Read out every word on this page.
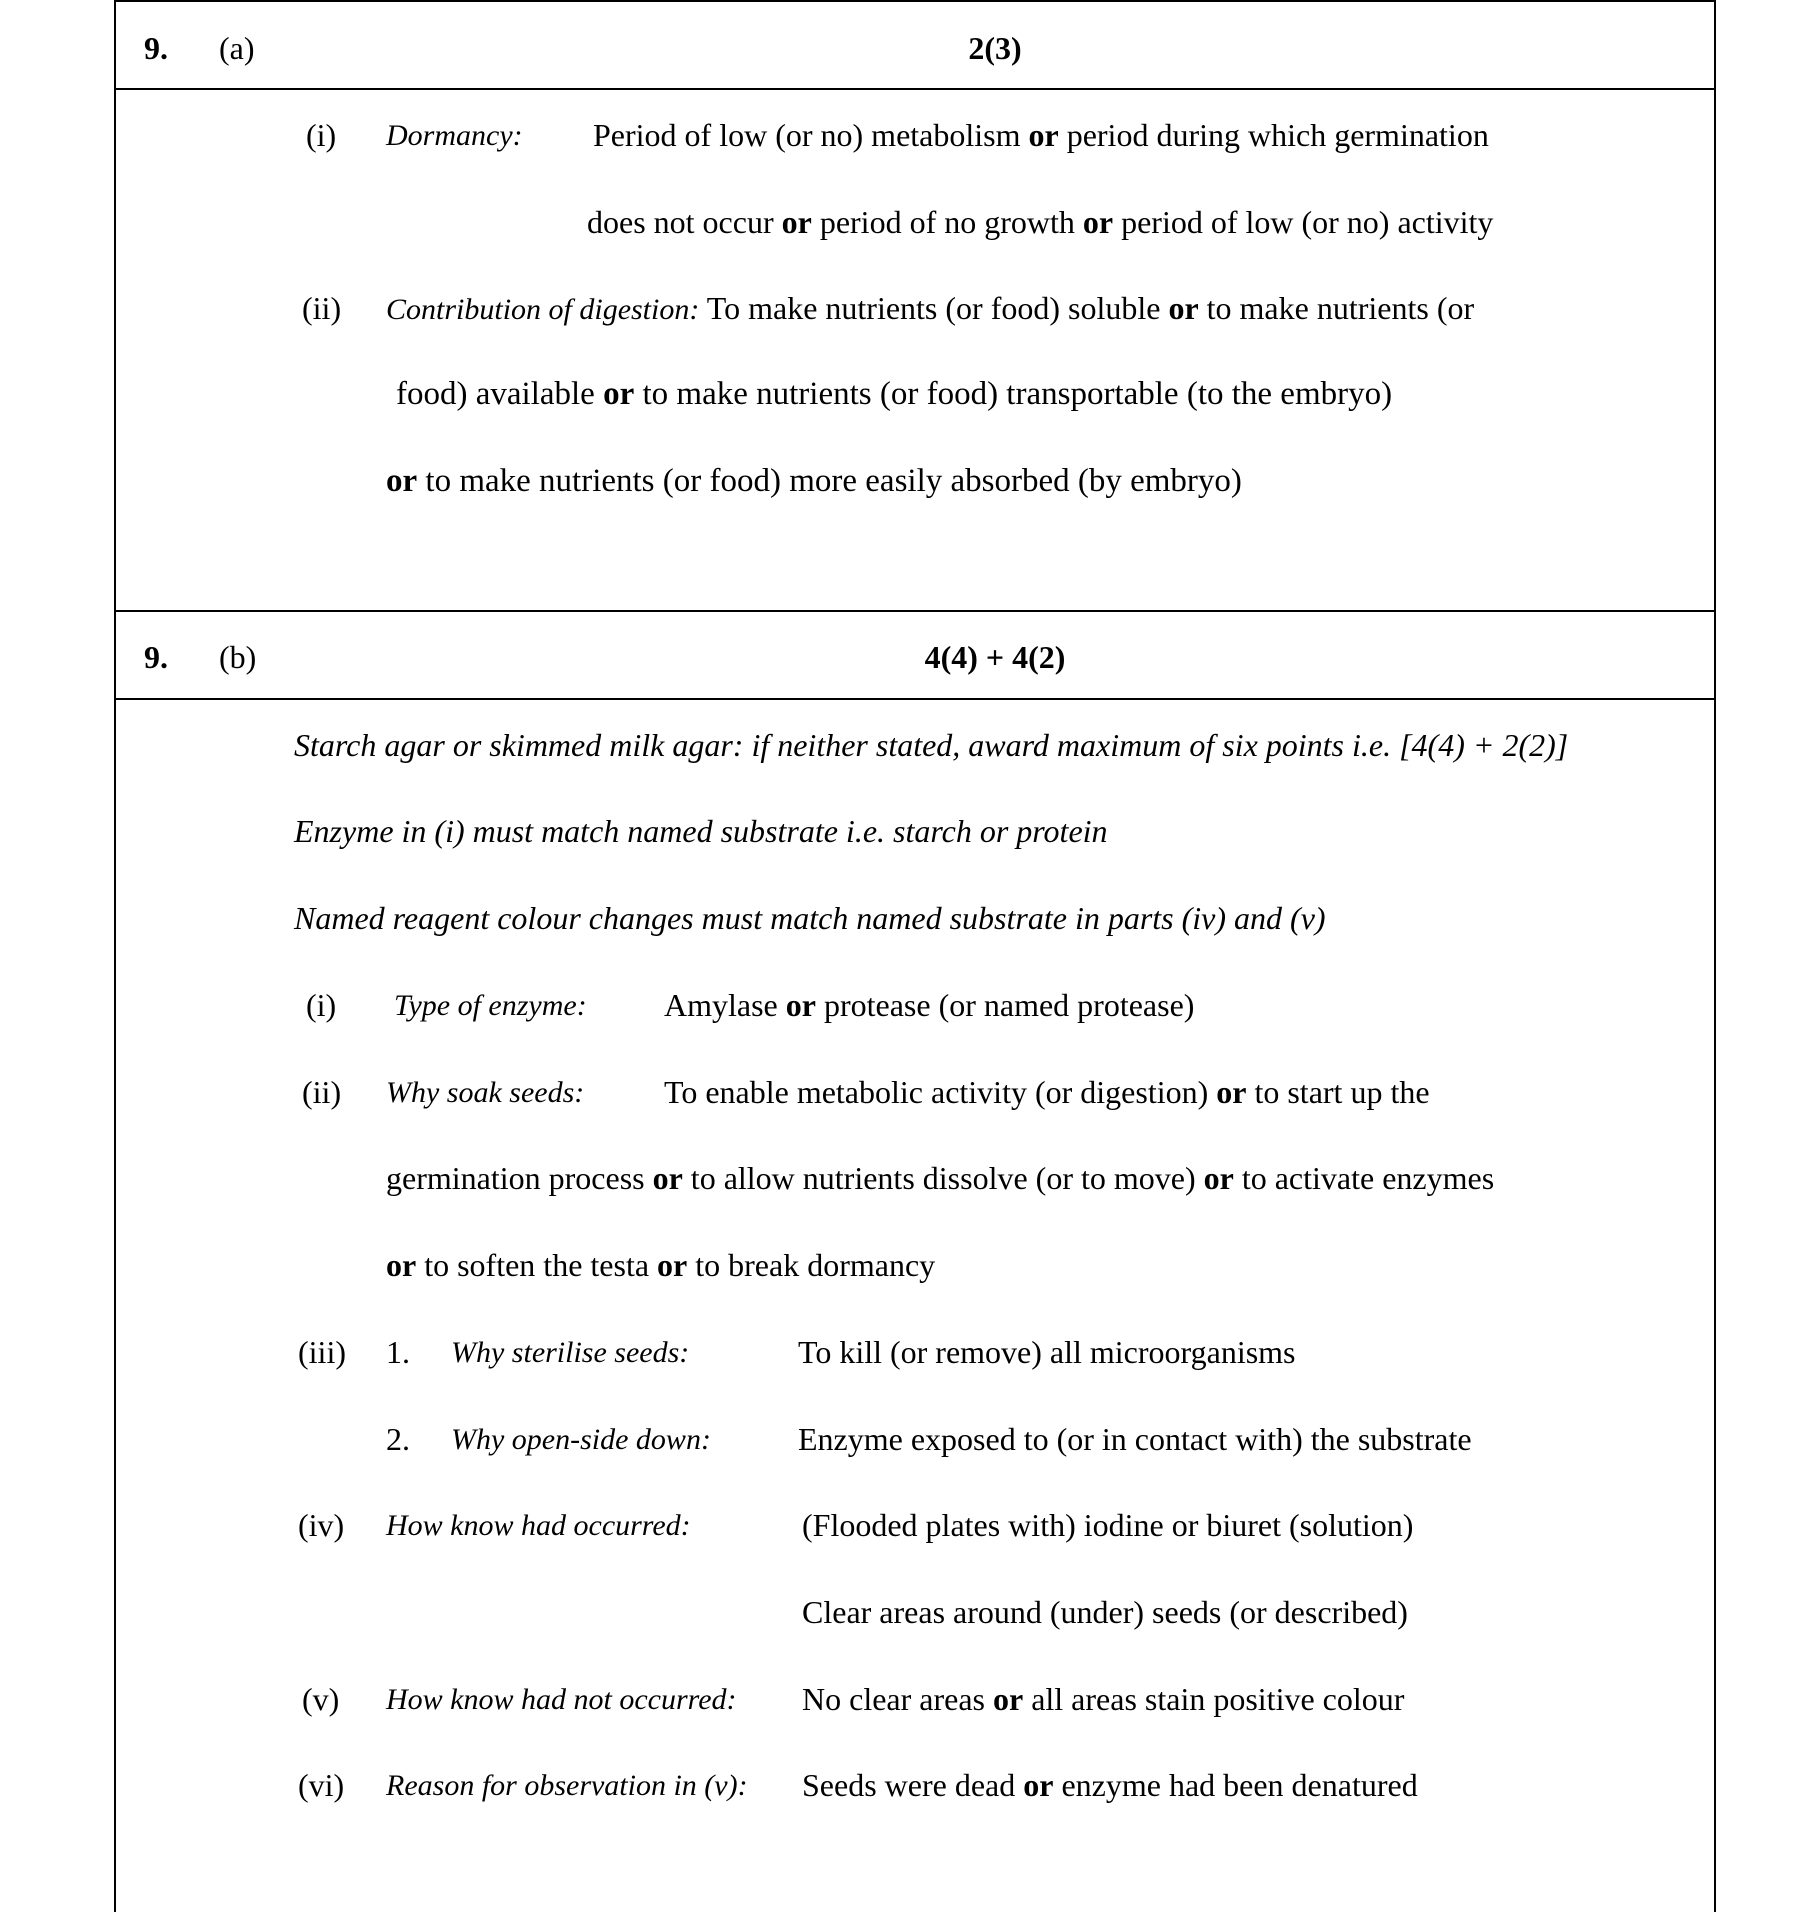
9. (a)	2(3)
(i) Dormancy: Period of low (or no) metabolism or period during which germination
does not occur or period of no growth or period of low (or no) activity
(ii) Contribution of digestion: To make nutrients (or food) soluble or to make nutrients (or
food) available or to make nutrients (or food) transportable (to the embryo)
or to make nutrients (or food) more easily absorbed (by embryo)
9. (b)	4(4) + 4(2)
Starch agar or skimmed milk agar: if neither stated, award maximum of six points i.e. [4(4) + 2(2)]
Enzyme in (i) must match named substrate i.e. starch or protein
Named reagent colour changes must match named substrate in parts (iv) and (v)
(i) Type of enzyme: Amylase or protease (or named protease)
(ii) Why soak seeds: To enable metabolic activity (or digestion) or to start up the
germination process or to allow nutrients dissolve (or to move) or to activate enzymes
or to soften the testa or to break dormancy
(iii) 1. Why sterilise seeds:	To kill (or remove) all microorganisms
2. Why open-side down:	Enzyme exposed to (or in contact with) the substrate
(iv) How know had occurred:	(Flooded plates with) iodine or biuret (solution)
Clear areas around (under) seeds (or described)
(v) How know had not occurred: No clear areas or all areas stain positive colour
(vi) Reason for observation in (v): Seeds were dead or enzyme had been denatured
